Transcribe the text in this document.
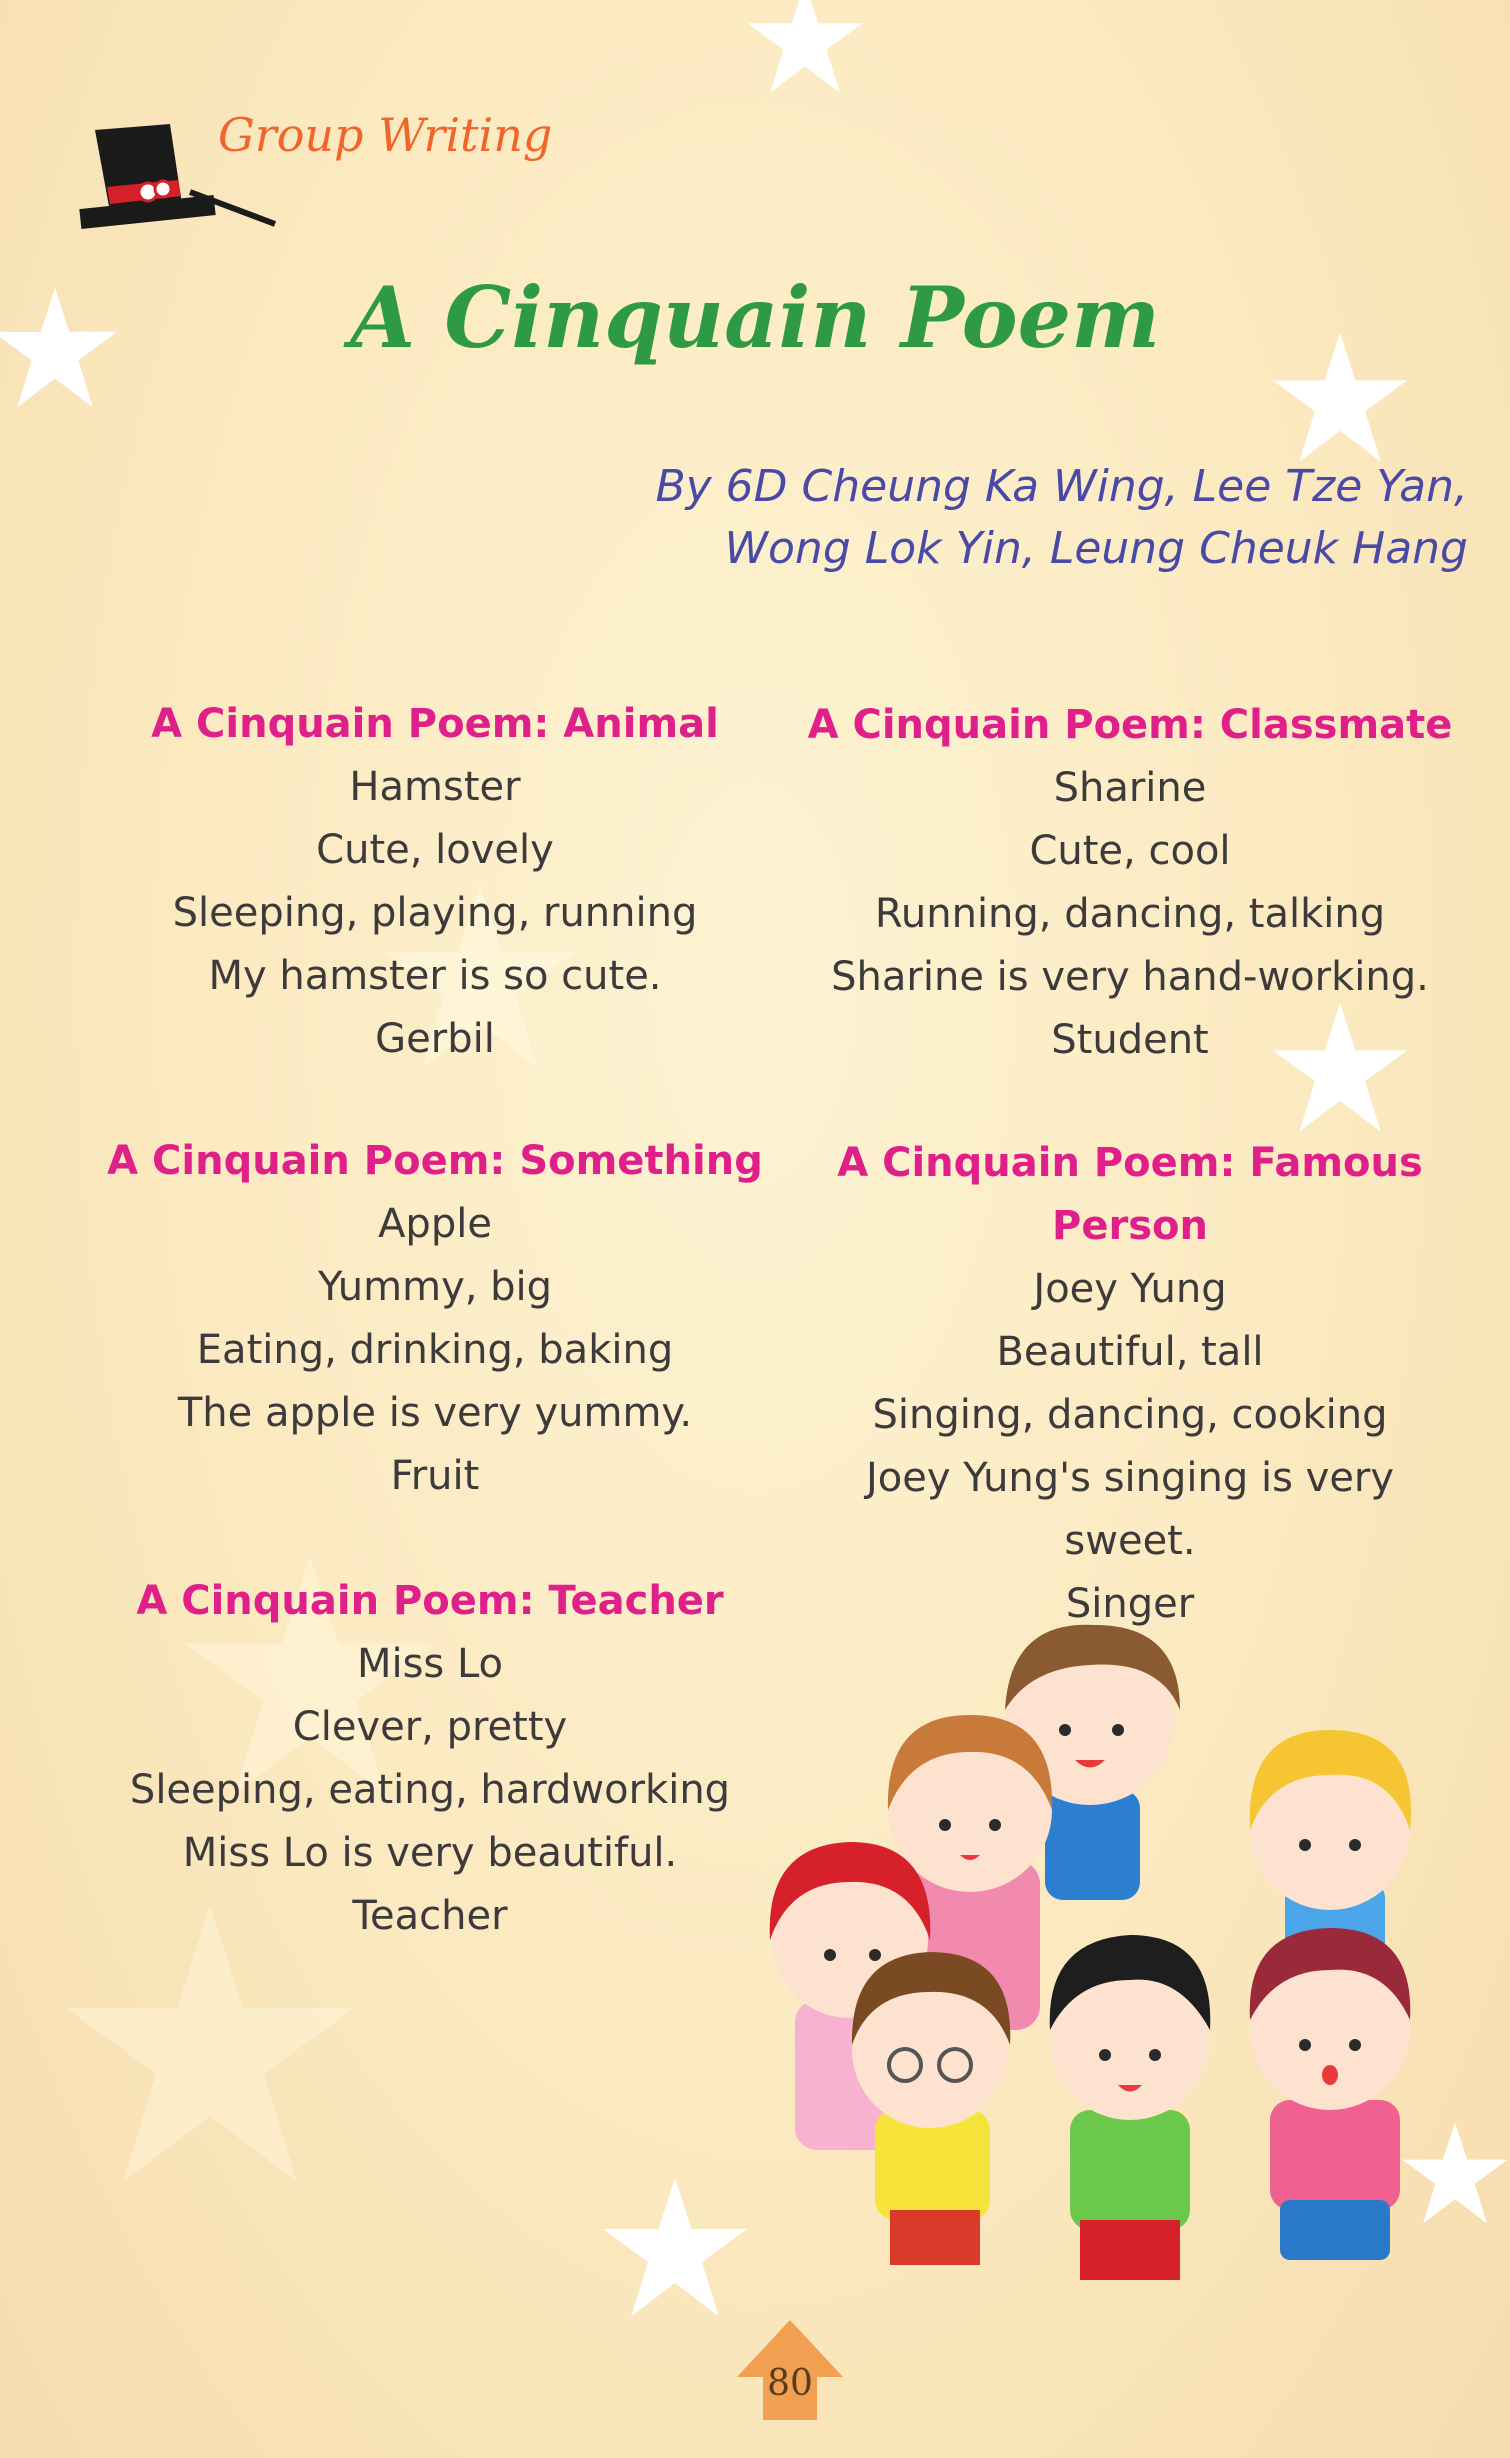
Group Writing
A Cinquain Poem
By 6D Cheung Ka Wing, Lee Tze Yan,
Wong Lok Yin, Leung Cheuk Hang
A Cinquain Poem: Animal
Hamster
Cute, lovely
Sleeping, playing, running
My hamster is so cute.
Gerbil
A Cinquain Poem: Classmate
Sharine
Cute, cool
Running, dancing, talking
Sharine is very hand-working.
Student
A Cinquain Poem: Something
Apple
Yummy, big
Eating, drinking, baking
The apple is very yummy.
Fruit
A Cinquain Poem: Famous Person
Joey Yung
Beautiful, tall
Singing, dancing, cooking
Joey Yung's singing is very sweet.
Singer
A Cinquain Poem: Teacher
Miss Lo
Clever, pretty
Sleeping, eating, hardworking
Miss Lo is very beautiful.
Teacher
80
